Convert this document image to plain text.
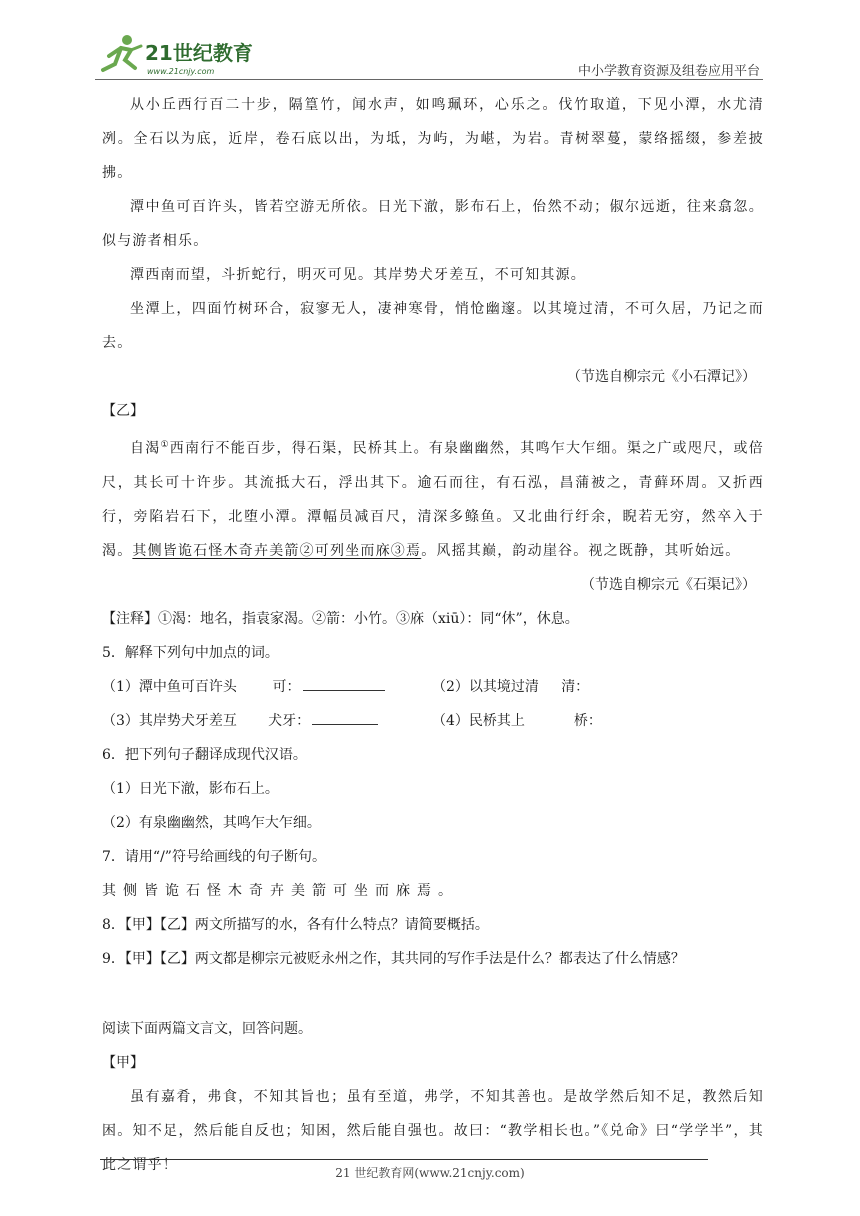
21世纪教育
www.21cnjy.com	中小学教育资源及组卷应用平台

从小丘西行百二十步，隔篁竹，闻水声，如鸣珮环，心乐之。伐竹取道，下见小潭，水尤清冽。全石以为底，近岸，卷石底以出，为坻，为屿，为嵁，为岩。青树翠蔓，蒙络摇缀，参差披拂。

潭中鱼可百许头，皆若空游无所依。日光下澈，影布石上，佁然不动；俶尔远逝，往来翕忽。似与游者相乐。

潭西南而望，斗折蛇行，明灭可见。其岸势犬牙差互，不可知其源。

坐潭上，四面竹树环合，寂寥无人，凄神寒骨，悄怆幽邃。以其境过清，不可久居，乃记之而去。

（节选自柳宗元《小石潭记》）

【乙】

自渴①西南行不能百步，得石渠，民桥其上。有泉幽幽然，其鸣乍大乍细。渠之广或咫尺，或倍尺，其长可十许步。其流抵大石，浮出其下。逾石而往，有石泓，昌蒲被之，青藓环周。又折西行，旁陷岩石下，北堕小潭。潭幅员减百尺，清深多鲦鱼。又北曲行纡余，睨若无穷，然卒入于渴。其侧皆诡石怪木奇卉美箭②可列坐而庥③焉。风摇其巅，韵动崖谷。视之既静，其听始远。

（节选自柳宗元《石渠记》）

【注释】①渴：地名，指袁家渴。②箭：小竹。③庥（xiū）：同“休”，休息。

5．解释下列句中加点的词。

（1）潭中鱼可百许头	可：	（2）以其境过清 清：
（3）其岸势犬牙差互 犬牙：	（4）民桥其上	桥：

6．把下列句子翻译成现代汉语。

（1）日光下澈，影布石上。

（2）有泉幽幽然，其鸣乍大乍细。

7．请用“/”符号给画线的句子断句。

其侧皆诡石怪木奇卉美箭可坐而庥焉。

8．【甲】【乙】两文所描写的水，各有什么特点？请简要概括。

9．【甲】【乙】两文都是柳宗元被贬永州之作，其共同的写作手法是什么？都表达了什么情感？

阅读下面两篇文言文，回答问题。

【甲】

虽有嘉肴，弗食，不知其旨也；虽有至道，弗学，不知其善也。是故学然后知不足，教然后知困。知不足，然后能自反也；知困，然后能自强也。故曰：“教学相长也。”《兑命》曰“学学半”，其此之谓乎！

21 世纪教育网(www.21cnjy.com)
